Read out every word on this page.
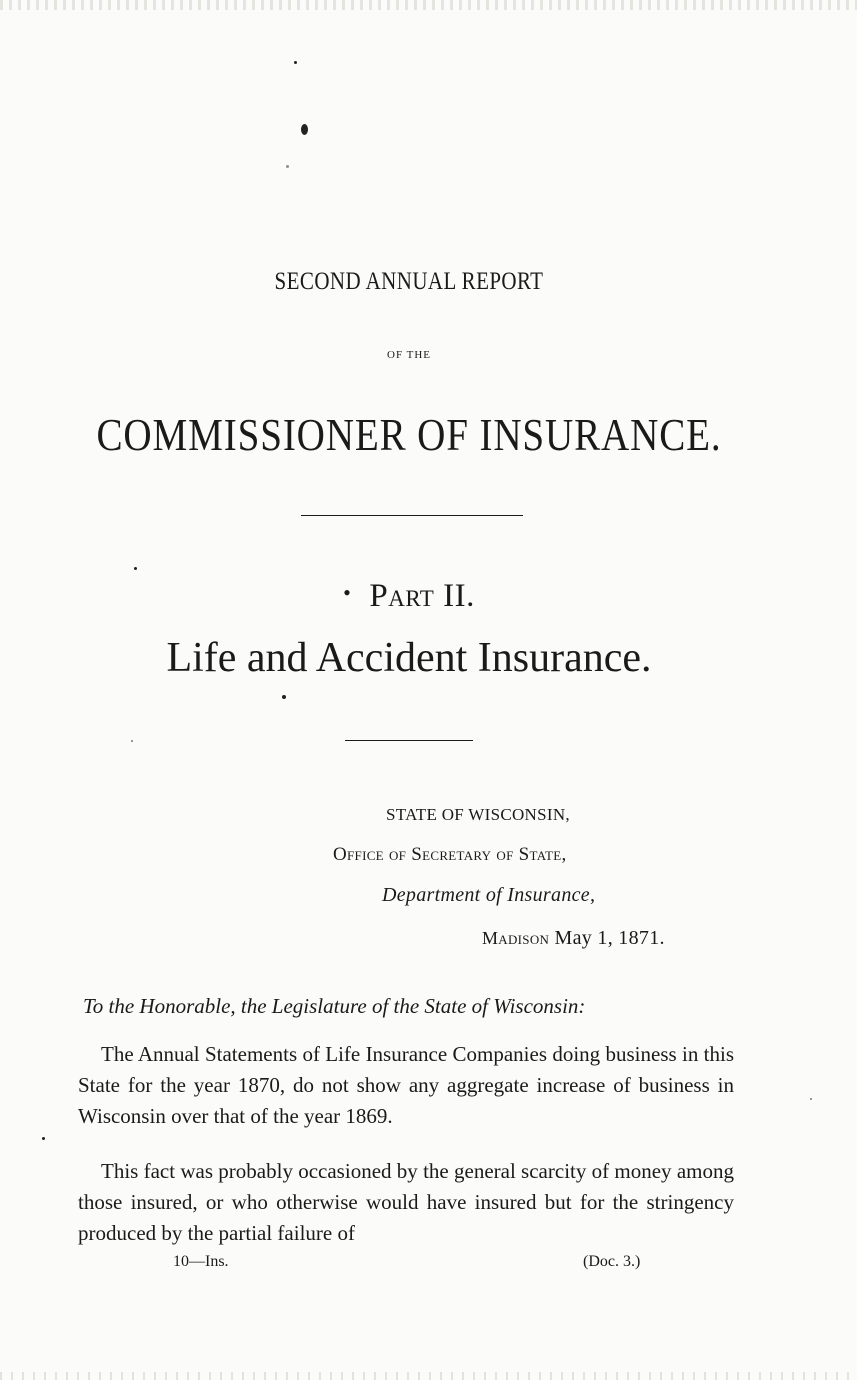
SECOND ANNUAL REPORT
OF THE
COMMISSIONER OF INSURANCE.
• Part II.
Life and Accident Insurance.
STATE OF WISCONSIN,
Office of Secretary of State,
Department of Insurance,
Madison May 1, 1871.
To the Honorable, the Legislature of the State of Wisconsin:
The Annual Statements of Life Insurance Companies doing business in this State for the year 1870, do not show any aggregate increase of business in Wisconsin over that of the year 1869.
This fact was probably occasioned by the general scarcity of money among those insured, or who otherwise would have insured but for the stringency produced by the partial failure of
10—Ins.	(Doc. 3.)
